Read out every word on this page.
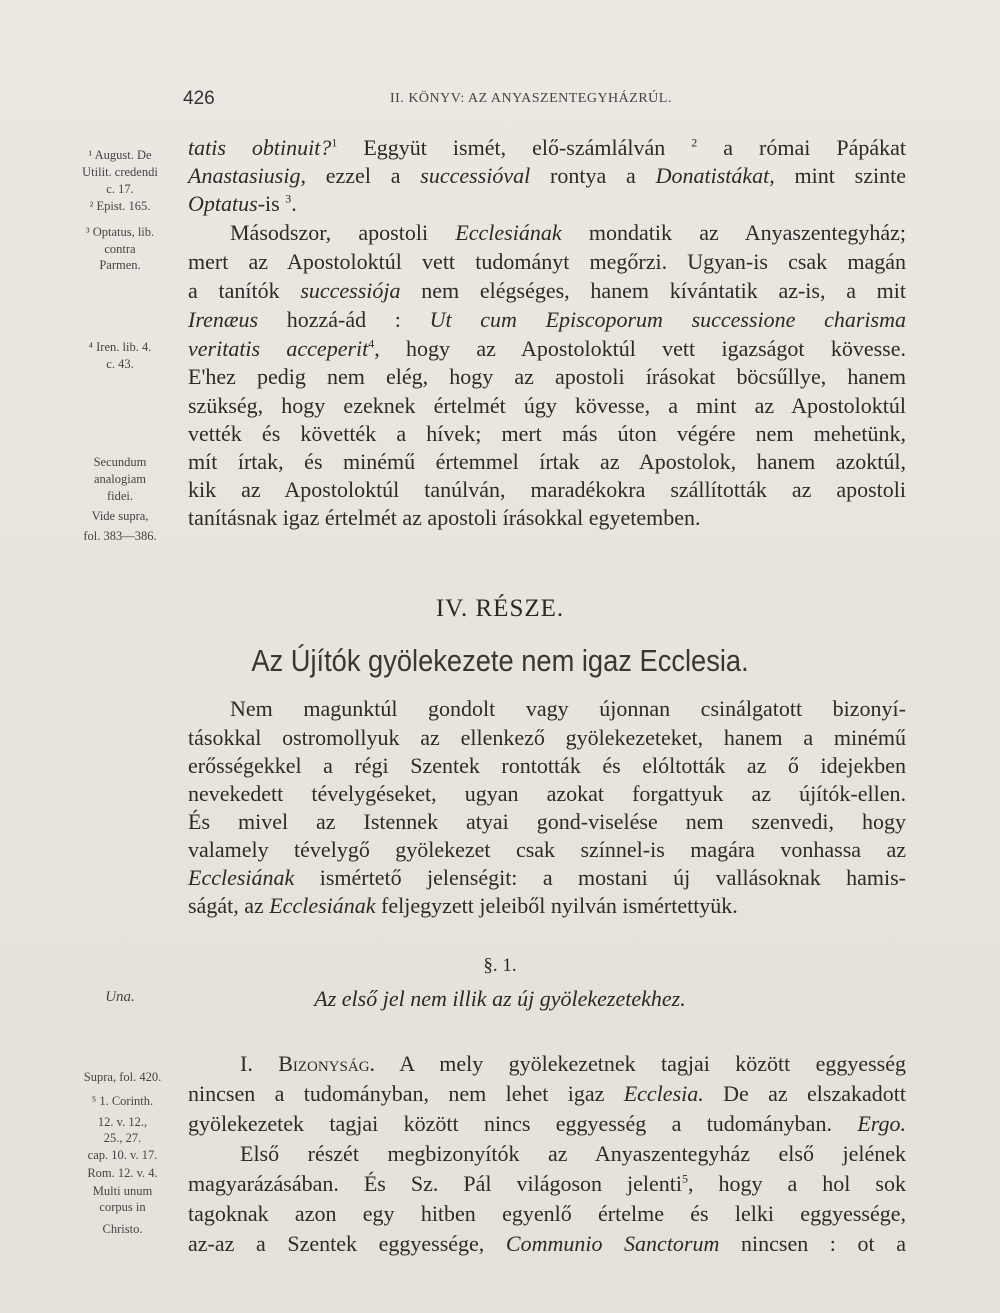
426	II. KÖNYV: AZ ANYASZENTEGYHÁZRÚL.
¹ August. De
Utilit. credendi
c. 17.
² Epist. 165.
³ Optatus, lib.
contra
Parmen.
⁴ Iren. lib. 4.
c. 43.
Secundum
analogiam
fidei.
Vide supra,
fol. 383—386.
Una.
Supra, fol. 420.
⁵ 1. Corinth.
12. v. 12.,
25., 27.
cap. 10. v. 17.
Rom. 12. v. 4.
Multi unum
corpus in
Christo.
tatis obtinuit?$^1$ Eggyüt ismét, elő-számlálván $^2$ a római Pápákat
Anastasiusig, ezzel a successióval rontya a Donatistákat, mint szinte
Optatus-is $^3$.
Másodszor, apostoli Ecclesiának mondatik az Anyaszentegyház;
mert az Apostoloktúl vett tudományt megőrzi. Ugyan-is csak magán
a tanítók successiója nem elégséges, hanem kívántatik az-is, a mit
Irenæus hozzá-ád : Ut cum Episcoporum successione charisma
veritatis acceperit$^4$, hogy az Apostoloktúl vett igazságot kövesse.
E'hez pedig nem elég, hogy az apostoli írásokat böcsűllye, hanem
szükség, hogy ezeknek értelmét úgy kövesse, a mint az Apostoloktúl
vették és követték a hívek; mert más úton végére nem mehetünk,
mít írtak, és minémű értemmel írtak az Apostolok, hanem azoktúl,
kik az Apostoloktúl tanúlván, maradékokra szállították az apostoli
tanításnak igaz értelmét az apostoli írásokkal egyetemben.
IV. RÉSZE.
Az Újítók gyölekezete nem igaz Ecclesia.
Nem magunktúl gondolt vagy újonnan csinálgatott bizonyí-
tásokkal ostromollyuk az ellenkező gyölekezeteket, hanem a minémű
erősségekkel a régi Szentek rontották és elóltották az ő idejekben
nevekedett tévelygéseket, ugyan azokat forgattyuk az újítók-ellen.
És mivel az Istennek atyai gond-viselése nem szenvedi, hogy
valamely tévelygő gyölekezet csak színnel-is magára vonhassa az
Ecclesiának ismértető jelenségit: a mostani új vallásoknak hamis-
ságát, az Ecclesiának feljegyzett jeleiből nyilván ismértettyük.
§. 1.
Az első jel nem illik az új gyölekezetekhez.
I. Bizonyság. A mely gyölekezetnek tagjai között eggyesség
nincsen a tudományban, nem lehet igaz Ecclesia. De az elszakadott
gyölekezetek tagjai között nincs eggyesség a tudományban. Ergo.
Első részét megbizonyítók az Anyaszentegyház első jelének
magyarázásában. És Sz. Pál világoson jelenti$^5$, hogy a hol sok
tagoknak azon egy hitben egyenlő értelme és lelki eggyessége,
az-az a Szentek eggyessége, Communio Sanctorum nincsen : ot a
